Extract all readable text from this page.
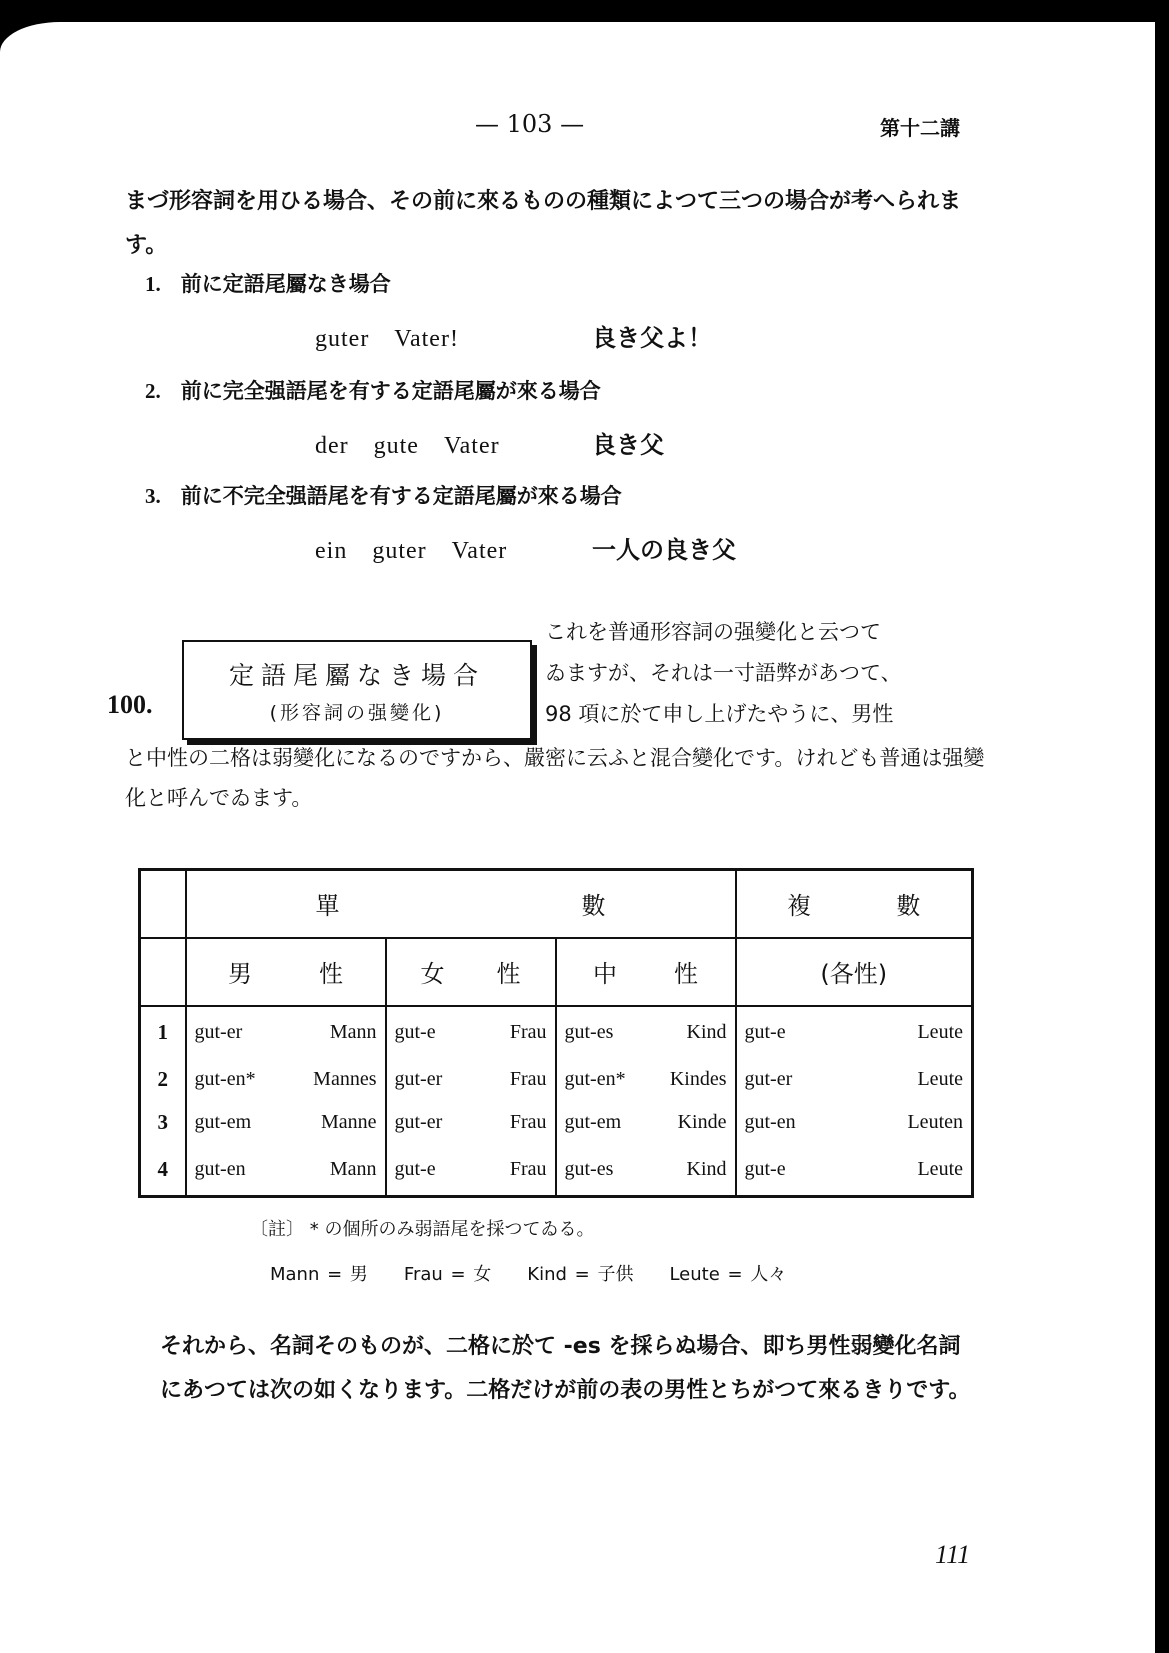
— 103 —	第十二講
まづ形容詞を用ひる場合、その前に來るものの種類によつて三つの場合が考へられます。
1. 前に定語尾屬なき場合
guter　Vater!	良き父よ！
2. 前に完全强語尾を有する定語尾屬が來る場合
der　gute　Vater	良き父
3. 前に不完全强語尾を有する定語尾屬が來る場合
ein　guter　Vater	一人の良き父
100.
定語尾屬なき場合
(形容詞の强變化)
これを普通形容詞の强變化と云つて
ゐますが、それは一寸語弊があつて、
98 項に於て申し上げたやうに、男性
と中性の二格は弱變化になるのですから、嚴密に云ふと混合變化です。けれども普通は强變化と呼んでゐます。

	單 數			複 數

	男 性	女 性	中 性	(各性)
1	gut-er Mann	gut-e Frau	gut-es Kind	gut-e Leute

2	gut-en* Mannes	gut-er Frau	gut-en* Kindes	gut-er Leute

3	gut-em Manne	gut-er Frau	gut-em Kinde	gut-en Leuten

4	gut-en Mann	gut-e Frau	gut-es Kind	gut-e Leute
〔註〕 * の個所のみ弱語尾を採つてゐる。
Mann = 男　　Frau = 女　　Kind = 子供　　Leute = 人々
それから、名詞そのものが、二格に於て -es を採らぬ場合、即ち男性弱變化名詞にあつては次の如くなります。二格だけが前の表の男性とちがつて來るきりです。
111
